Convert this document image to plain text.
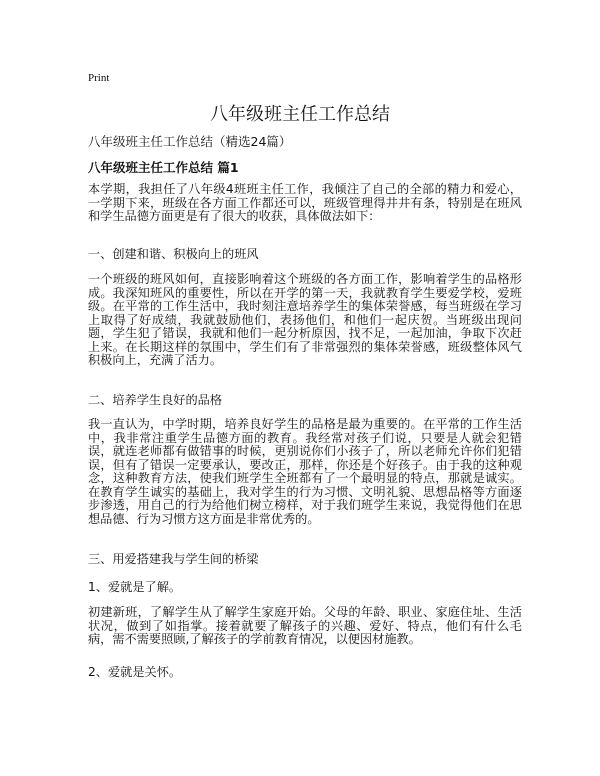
Print
八年级班主任工作总结
八年级班主任工作总结（精选24篇）
八年级班主任工作总结 篇1

本学期，我担任了八年级4班班主任工作，我倾注了自己的全部的精力和爱心，一学期下来，班级在各方面工作都还可以，班级管理得井井有条，特别是在班风和学生品德方面更是有了很大的收获，具体做法如下：

一、创建和谐、积极向上的班风

一个班级的班风如何，直接影响着这个班级的各方面工作，影响着学生的品格形成。我深知班风的重要性，所以在开学的第一天，我就教育学生要爱学校，爱班级。在平常的工作生活中，我时刻注意培养学生的集体荣誉感，每当班级在学习上取得了好成绩，我就鼓励他们，表扬他们，和他们一起庆贺。当班级出现问题，学生犯了错误，我就和他们一起分析原因，找不足，一起加油，争取下次赶上来。在长期这样的氛围中，学生们有了非常强烈的集体荣誉感，班级整体风气积极向上，充满了活力。

二、培养学生良好的品格

我一直认为，中学时期，培养良好学生的品格是最为重要的。在平常的工作生活中，我非常注重学生品德方面的教育。我经常对孩子们说，只要是人就会犯错误，就连老师都有做错事的时候，更别说你们小孩子了，所以老师允许你们犯错误，但有了错误一定要承认，要改正，那样，你还是个好孩子。由于我的这种观念，这种教育方法，使我们班学生全班都有了一个最明显的特点，那就是诚实。在教育学生诚实的基础上，我对学生的行为习惯、文明礼貌、思想品格等方面逐步渗透，用自己的行为给他们树立榜样，对于我们班学生来说，我觉得他们在思想品德、行为习惯方这方面是非常优秀的。

三、用爱搭建我与学生间的桥梁
1、爱就是了解。

初建新班，了解学生从了解学生家庭开始。父母的年龄、职业、家庭住址、生活状况，做到了如指掌。接着就要了解孩子的兴趣、爱好、特点，他们有什么毛病，需不需要照顾,了解孩子的学前教育情况，以便因材施教。

2、爱就是关怀。
